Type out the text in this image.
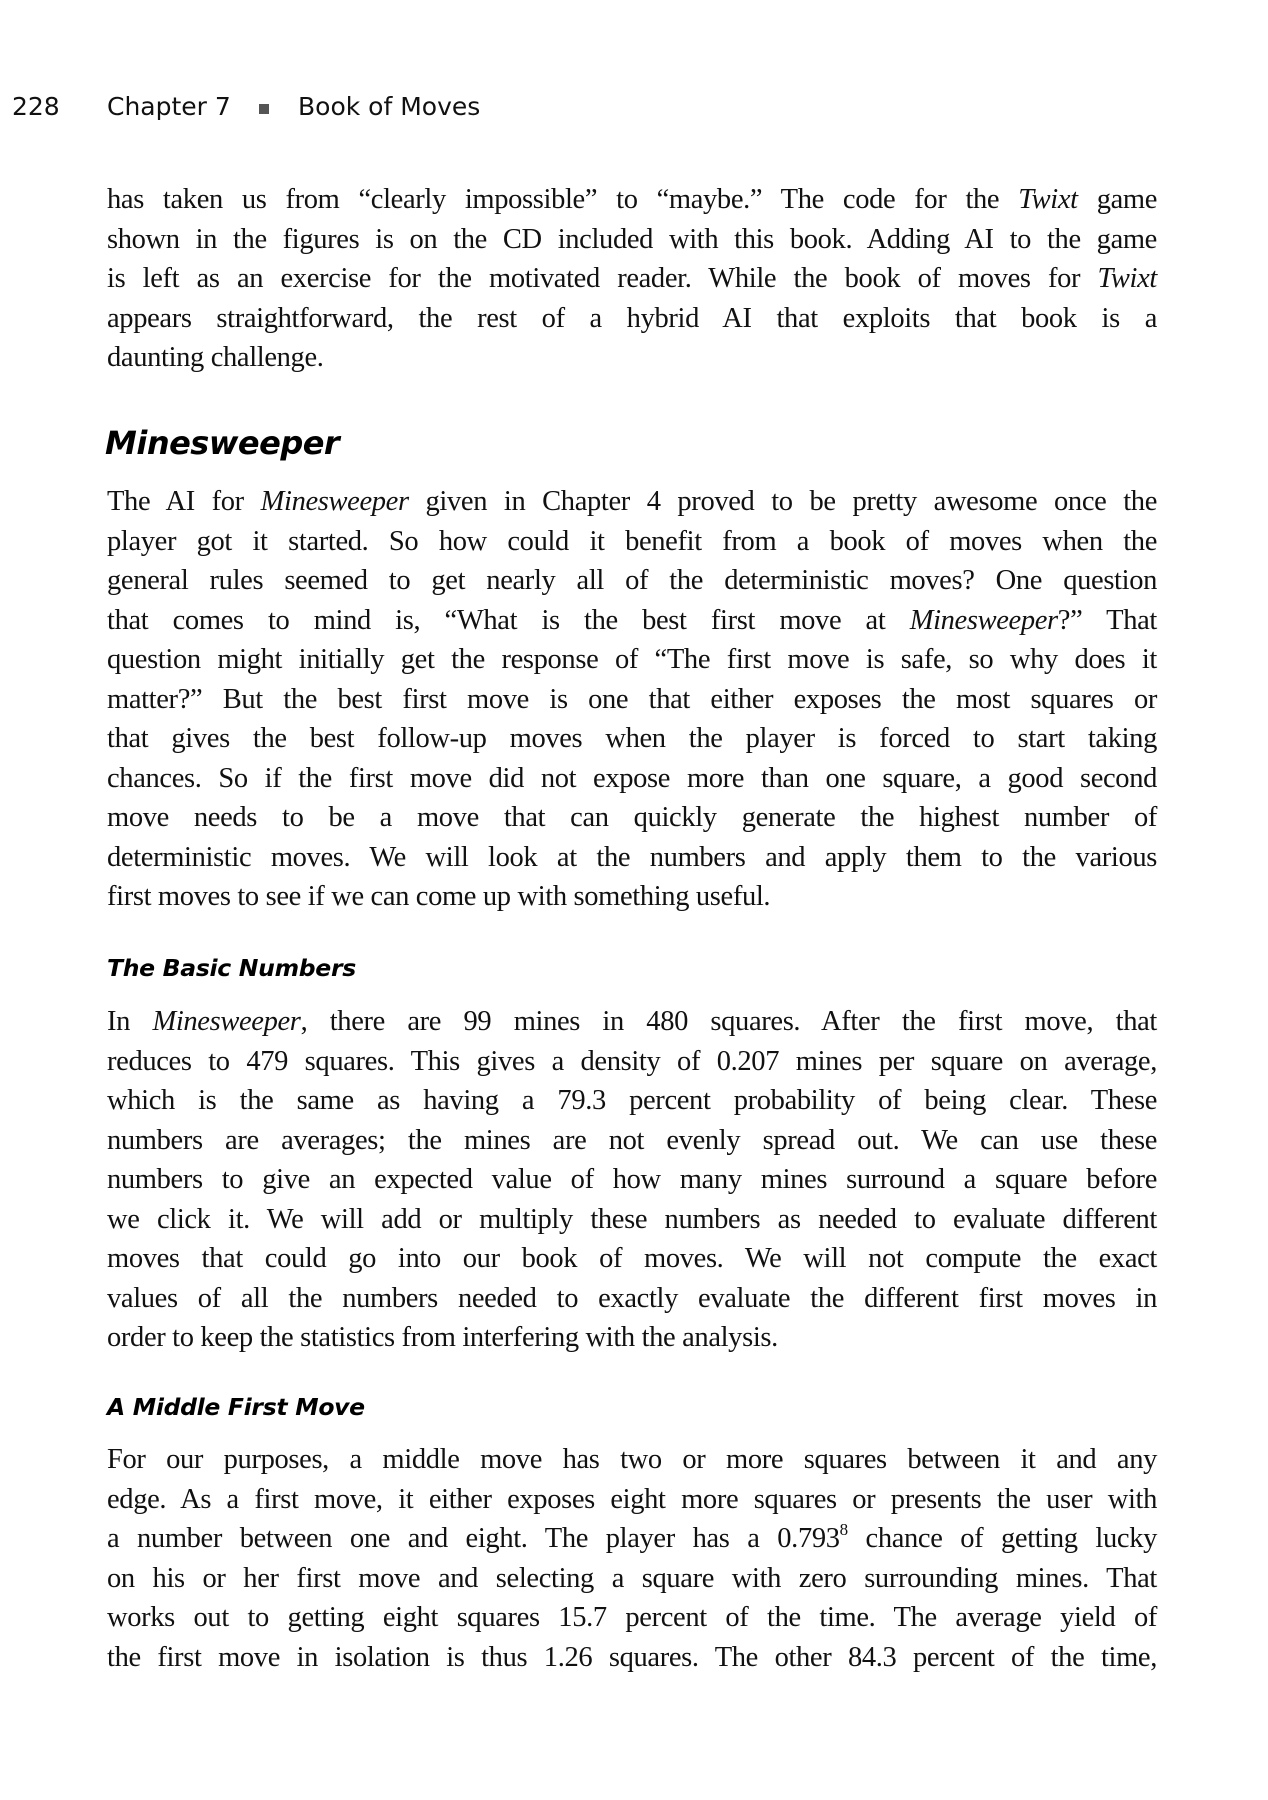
228 Chapter 7	Book of Moves
has taken us from “clearly impossible” to “maybe.” The code for the Twixt game
shown in the figures is on the CD included with this book. Adding AI to the game
is left as an exercise for the motivated reader. While the book of moves for Twixt
appears straightforward, the rest of a hybrid AI that exploits that book is a
daunting challenge.
Minesweeper
The AI for Minesweeper given in Chapter 4 proved to be pretty awesome once the
player got it started. So how could it benefit from a book of moves when the
general rules seemed to get nearly all of the deterministic moves? One question
that comes to mind is, “What is the best first move at Minesweeper?” That
question might initially get the response of “The first move is safe, so why does it
matter?” But the best first move is one that either exposes the most squares or
that gives the best follow-up moves when the player is forced to start taking
chances. So if the first move did not expose more than one square, a good second
move needs to be a move that can quickly generate the highest number of
deterministic moves. We will look at the numbers and apply them to the various
first moves to see if we can come up with something useful.
The Basic Numbers
In Minesweeper, there are 99 mines in 480 squares. After the first move, that
reduces to 479 squares. This gives a density of 0.207 mines per square on average,
which is the same as having a 79.3 percent probability of being clear. These
numbers are averages; the mines are not evenly spread out. We can use these
numbers to give an expected value of how many mines surround a square before
we click it. We will add or multiply these numbers as needed to evaluate different
moves that could go into our book of moves. We will not compute the exact
values of all the numbers needed to exactly evaluate the different first moves in
order to keep the statistics from interfering with the analysis.
A Middle First Move
For our purposes, a middle move has two or more squares between it and any
edge. As a first move, it either exposes eight more squares or presents the user with
a number between one and eight. The player has a 0.793$^8$ chance of getting lucky
on his or her first move and selecting a square with zero surrounding mines. That
works out to getting eight squares 15.7 percent of the time. The average yield of
the first move in isolation is thus 1.26 squares. The other 84.3 percent of the time,
